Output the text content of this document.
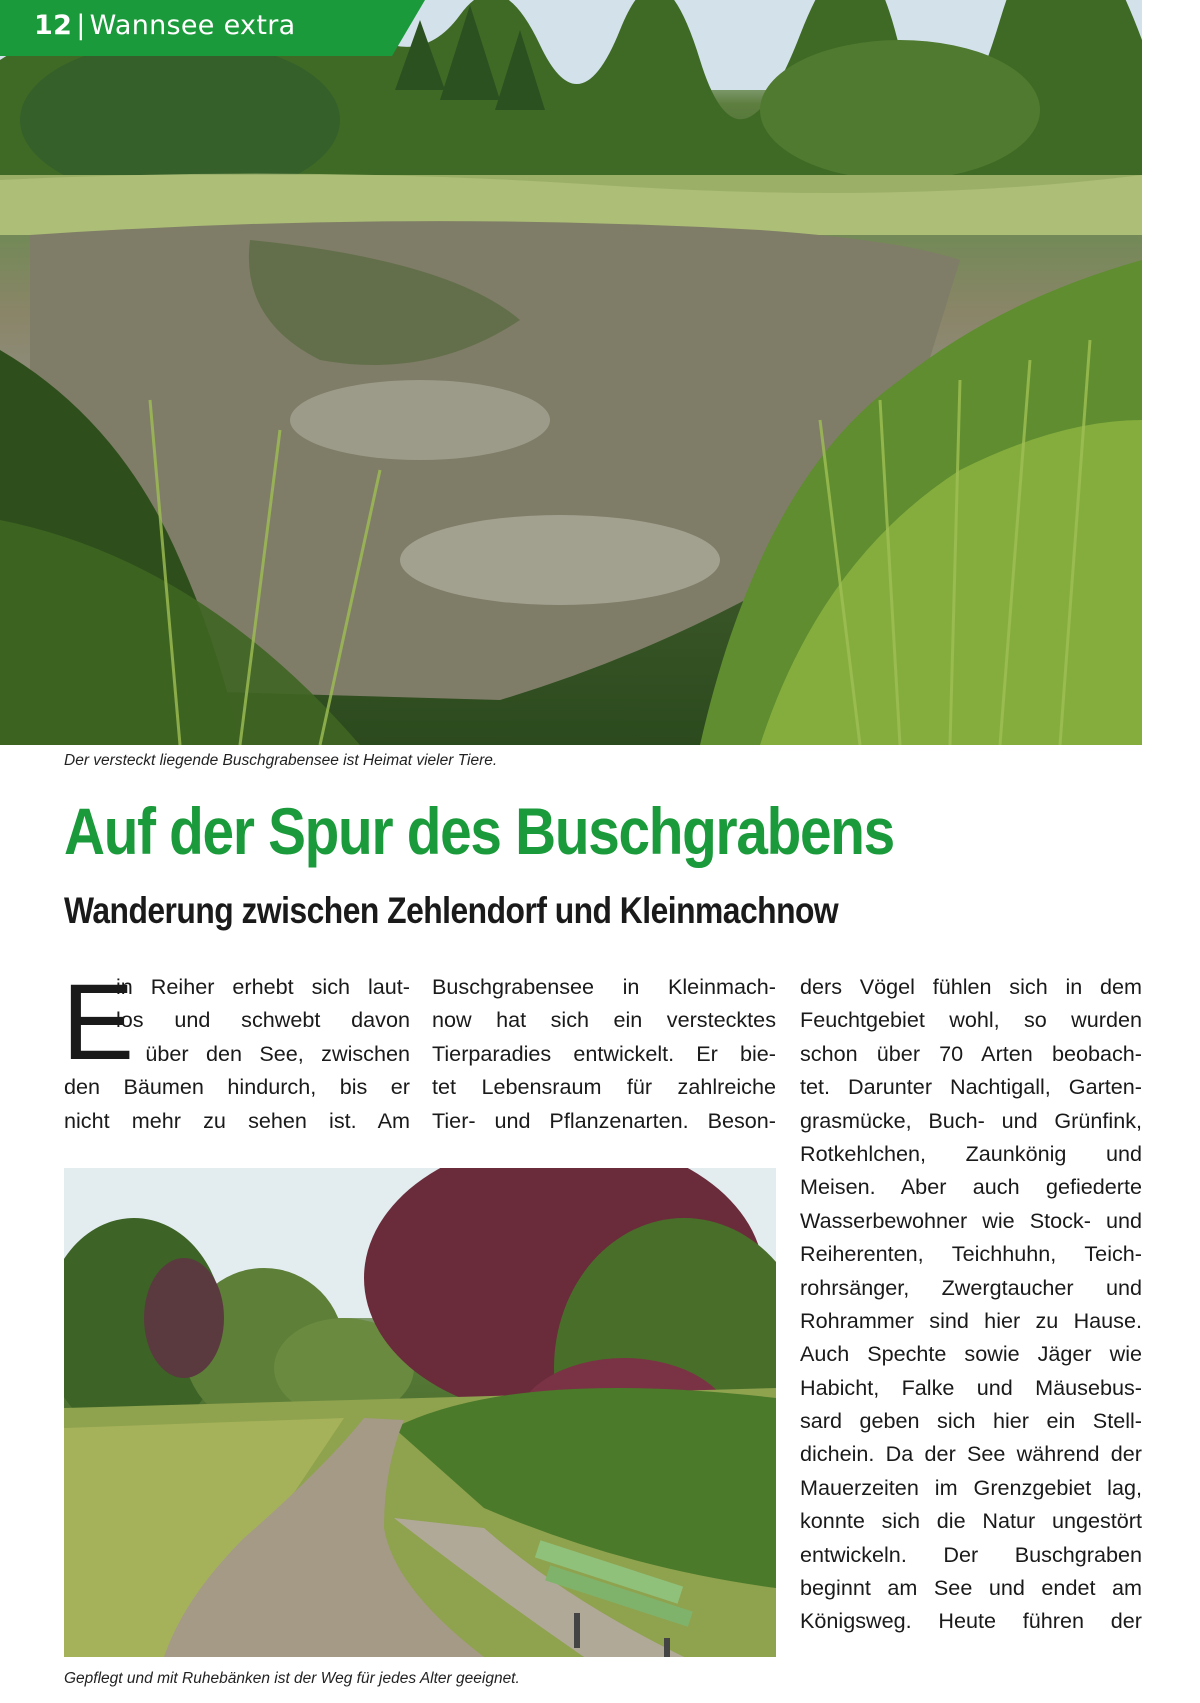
12 | Wannsee extra
Der versteckt liegende Buschgrabensee ist Heimat vieler Tiere.
Auf der Spur des Buschgrabens
Wanderung zwischen Zehlendorf und Kleinmachnow
E
in Reiher erhebt sich laut-
los und schwebt davon
– über den See, zwischen
den Bäumen hindurch, bis er
nicht mehr zu sehen ist. Am
Buschgrabensee in Kleinmach-
now hat sich ein verstecktes
Tierparadies entwickelt. Er bie-
tet Lebensraum für zahlreiche
Tier- und Pflanzenarten. Beson-
ders Vögel fühlen sich in dem
Feuchtgebiet wohl, so wurden
schon über 70 Arten beobach-
tet. Darunter Nachtigall, Garten-
grasmücke, Buch- und Grünfink,
Rotkehlchen, Zaunkönig und
Meisen. Aber auch gefiederte
Wasserbewohner wie Stock- und
Reiherenten, Teichhuhn, Teich-
rohrsänger, Zwergtaucher und
Rohrammer sind hier zu Hause.
Auch Spechte sowie Jäger wie
Habicht, Falke und Mäusebus-
sard geben sich hier ein Stell-
dichein. Da der See während der
Mauerzeiten im Grenzgebiet lag,
konnte sich die Natur ungestört
entwickeln. Der Buschgraben
beginnt am See und endet am
Königsweg. Heute führen der
Gepflegt und mit Ruhebänken ist der Weg für jedes Alter geeignet.
